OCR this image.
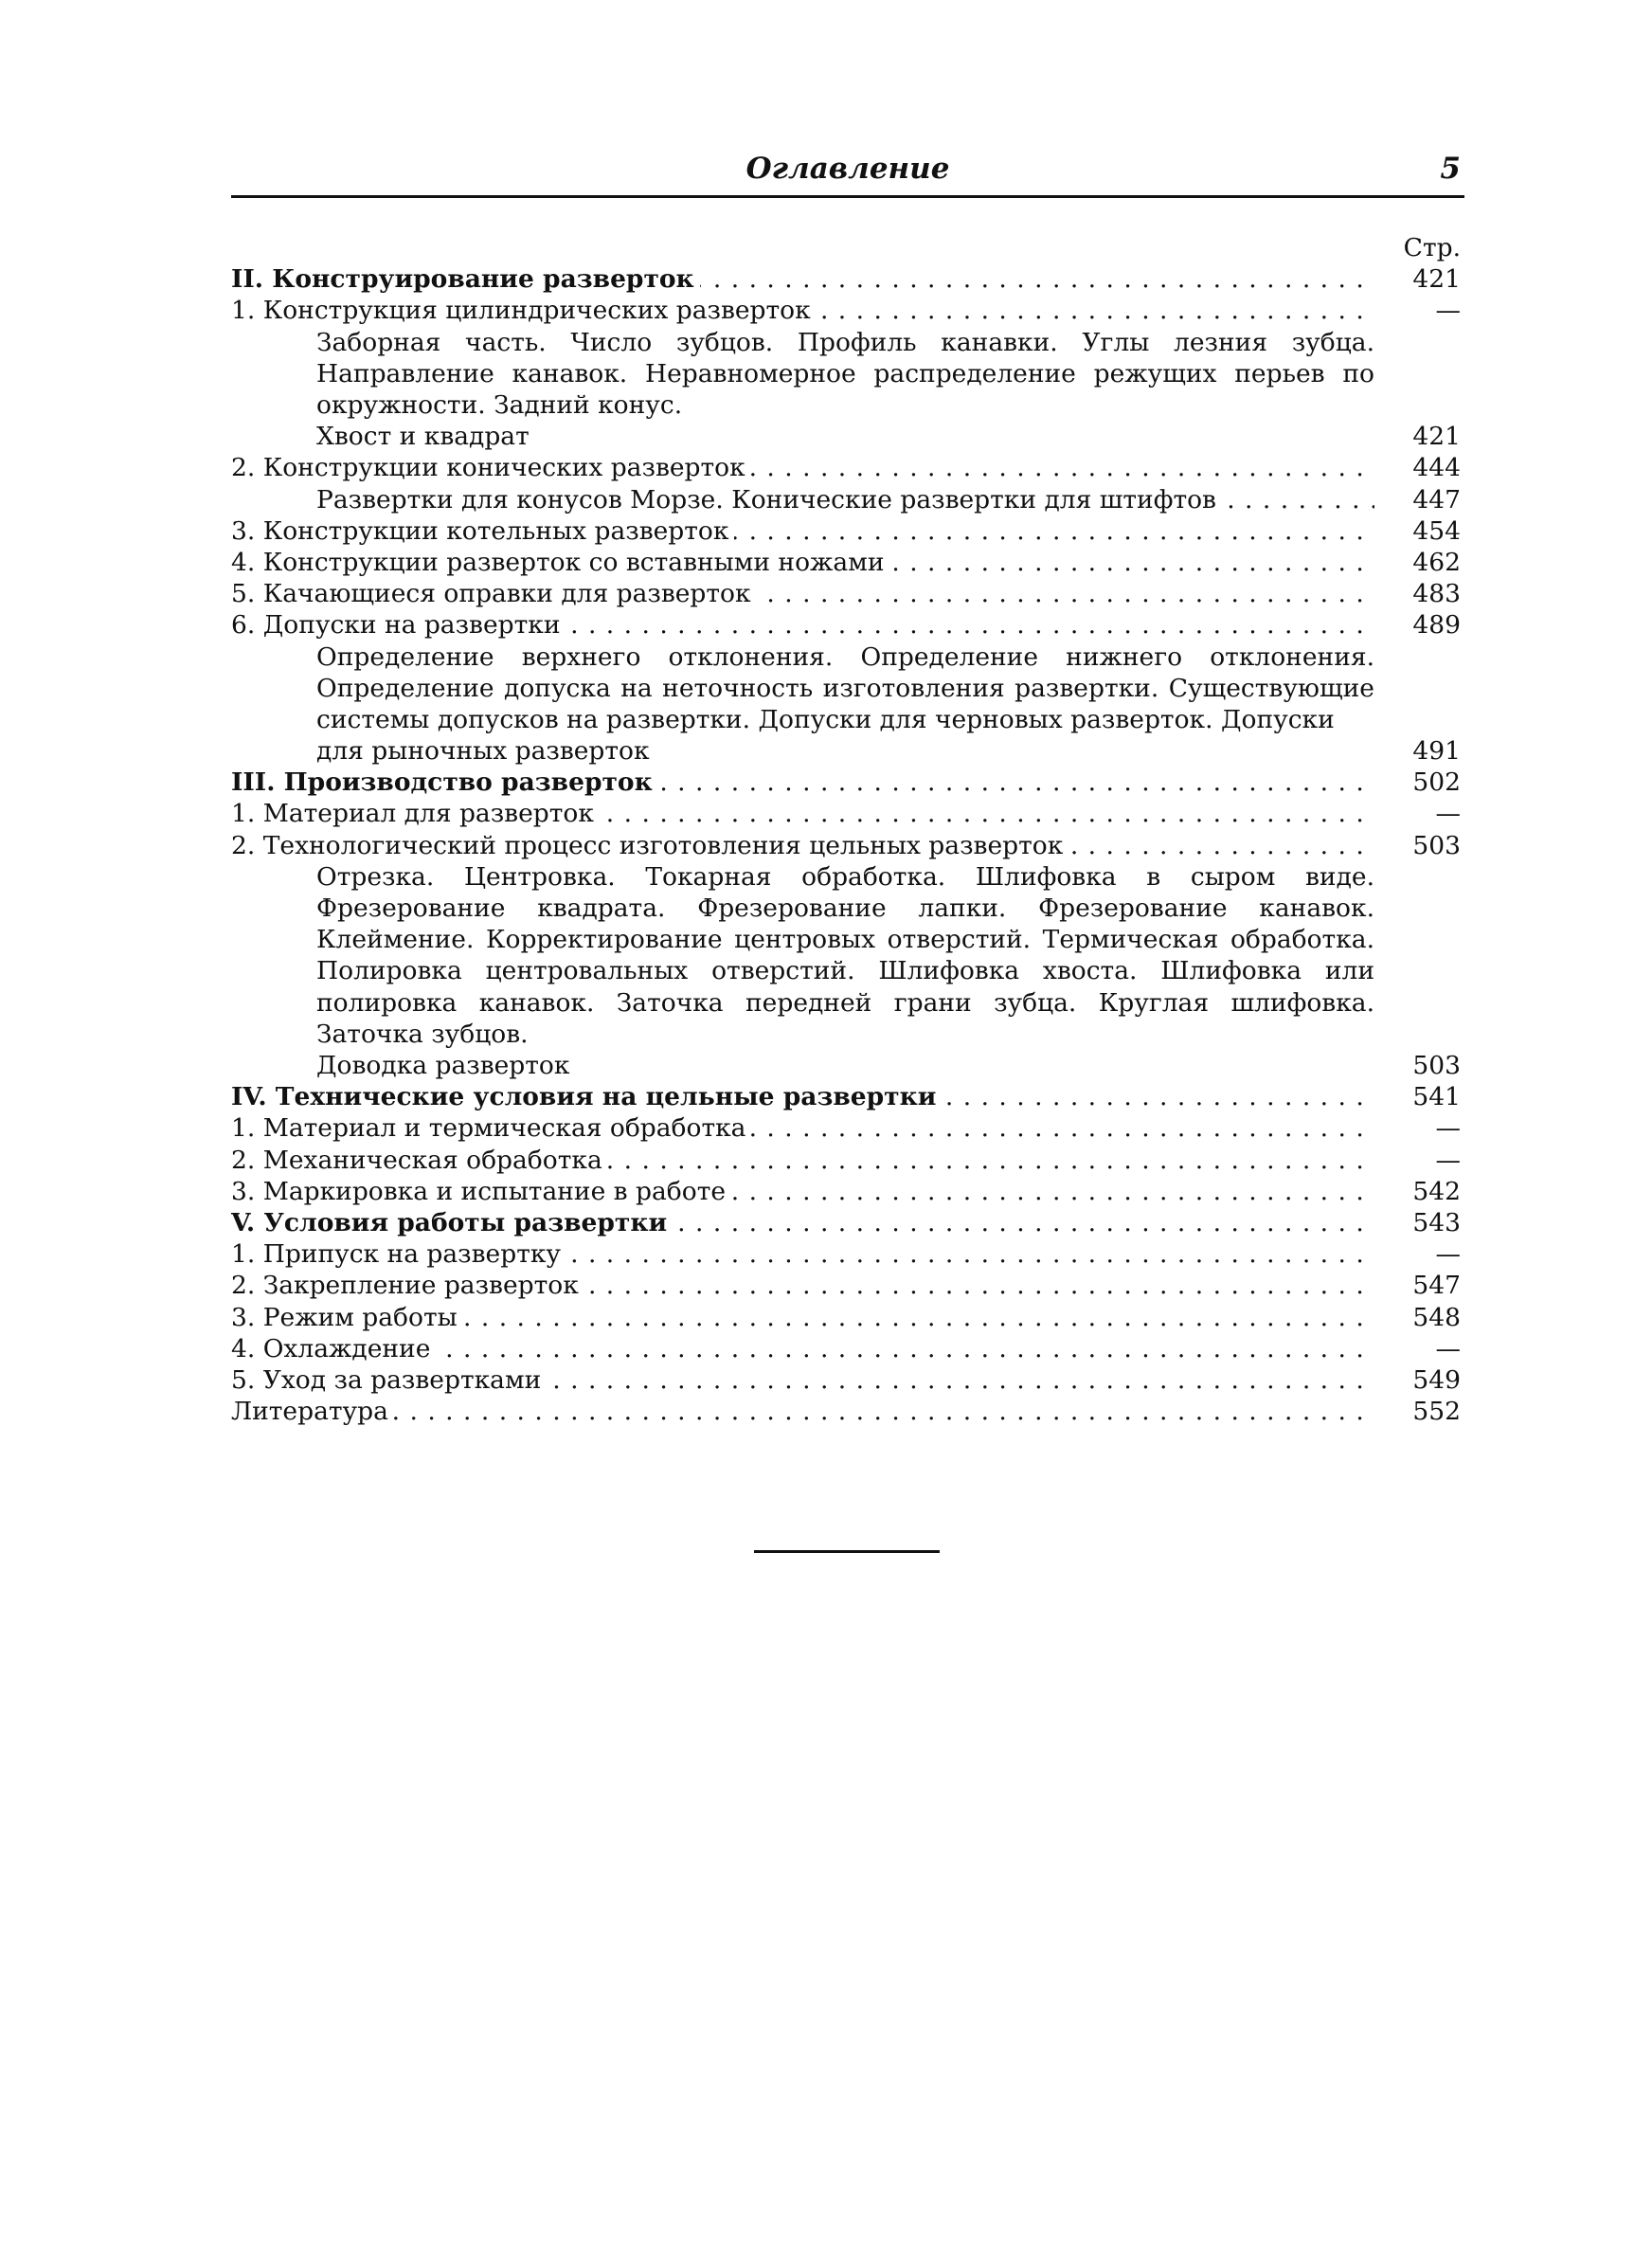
Оглавление	5
Стр.
II. Конструирование разверток . . .	421
1. Конструкция цилиндрических разверток . . .	—
Заборная часть. Число зубцов. Профиль канавки. Углы лезния зубца. Направление канавок. Неравномерное распределение режущих перьев по окружности. Задний конус.
Хвост и квадрат	421
2. Конструкции конических разверток . . .	444
Развертки для конусов Морзе. Конические развертки для штифтов . . .	447
3. Конструкции котельных разверток . . .	454
4. Конструкции разверток со вставными ножами . . .	462
5. Качающиеся оправки для разверток . . .	483
6. Допуски на развертки . . .	489
Определение верхнего отклонения. Определение нижнего отклонения. Определение допуска на неточность изготовления развертки. Существующие системы допусков на развертки. Допуски для черновых разверток. Допуски
для рыночных разверток	491
III. Производство разверток . . .	502
1. Материал для разверток . . .	—
2. Технологический процесс изготовления цельных разверток . . .	503
Отрезка. Центровка. Токарная обработка. Шлифовка в сыром виде. Фрезерование квадрата. Фрезерование лапки. Фрезерование канавок. Клеймение. Корректирование центровых отверстий. Термическая обработка. Полировка центровальных отверстий. Шлифовка хвоста. Шлифовка или полировка канавок. Заточка передней грани зубца. Круглая шлифовка. Заточка зубцов.
Доводка разверток	503
IV. Технические условия на цельные развертки . . .	541
1. Материал и термическая обработка . . .	—
2. Механическая обработка . . .	—
3. Маркировка и испытание в работе . . .	542
V. Условия работы развертки . . .	543
1. Припуск на развертку . . .	—
2. Закрепление разверток . . .	547
3. Режим работы . . .	548
4. Охлаждение . . .	—
5. Уход за развертками . . .	549
Литература . . .	552
